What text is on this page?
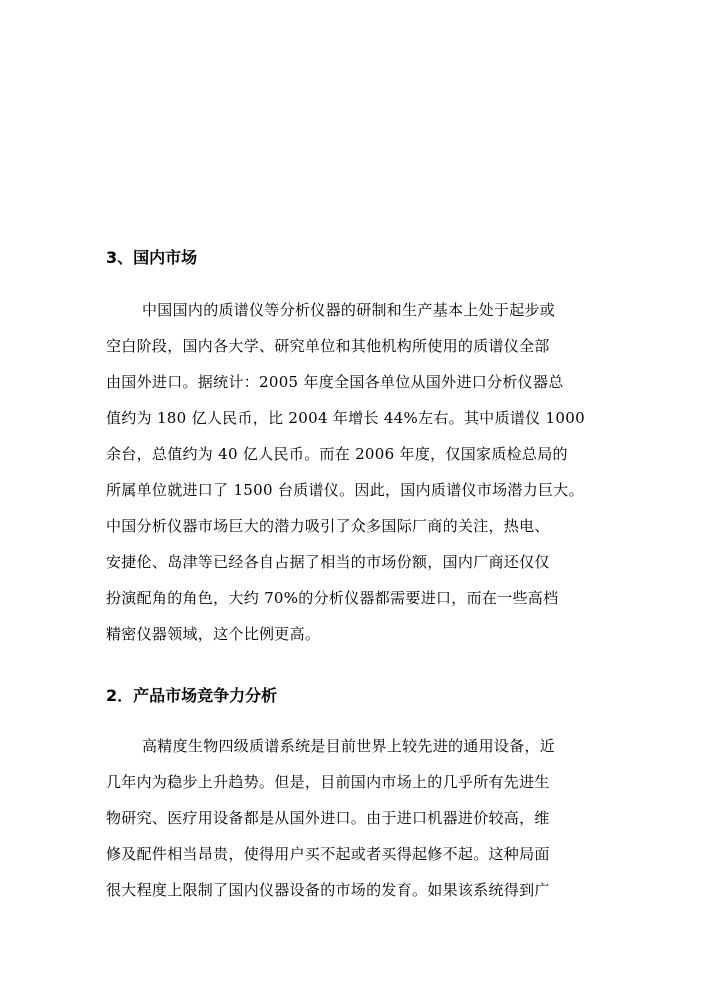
3、国内市场

中国国内的质谱仪等分析仪器的研制和生产基本上处于起步或

空白阶段，国内各大学、研究单位和其他机构所使用的质谱仪全部

由国外进口。据统计：2005 年度全国各单位从国外进口分析仪器总

值约为 180 亿人民币，比 2004 年增长 44%左右。其中质谱仪 1000

余台，总值约为 40 亿人民币。而在 2006 年度，仅国家质检总局的

所属单位就进口了 1500 台质谱仪。因此，国内质谱仪市场潜力巨大。

中国分析仪器市场巨大的潜力吸引了众多国际厂商的关注，热电、

安捷伦、岛津等已经各自占据了相当的市场份额，国内厂商还仅仅

扮演配角的角色，大约 70%的分析仪器都需要进口，而在一些高档

精密仪器领域，这个比例更高。

2．产品市场竞争力分析

高精度生物四级质谱系统是目前世界上较先进的通用设备，近

几年内为稳步上升趋势。但是，目前国内市场上的几乎所有先进生

物研究、医疗用设备都是从国外进口。由于进口机器进价较高，维

修及配件相当昂贵，使得用户买不起或者买得起修不起。这种局面

很大程度上限制了国内仪器设备的市场的发育。如果该系统得到广
